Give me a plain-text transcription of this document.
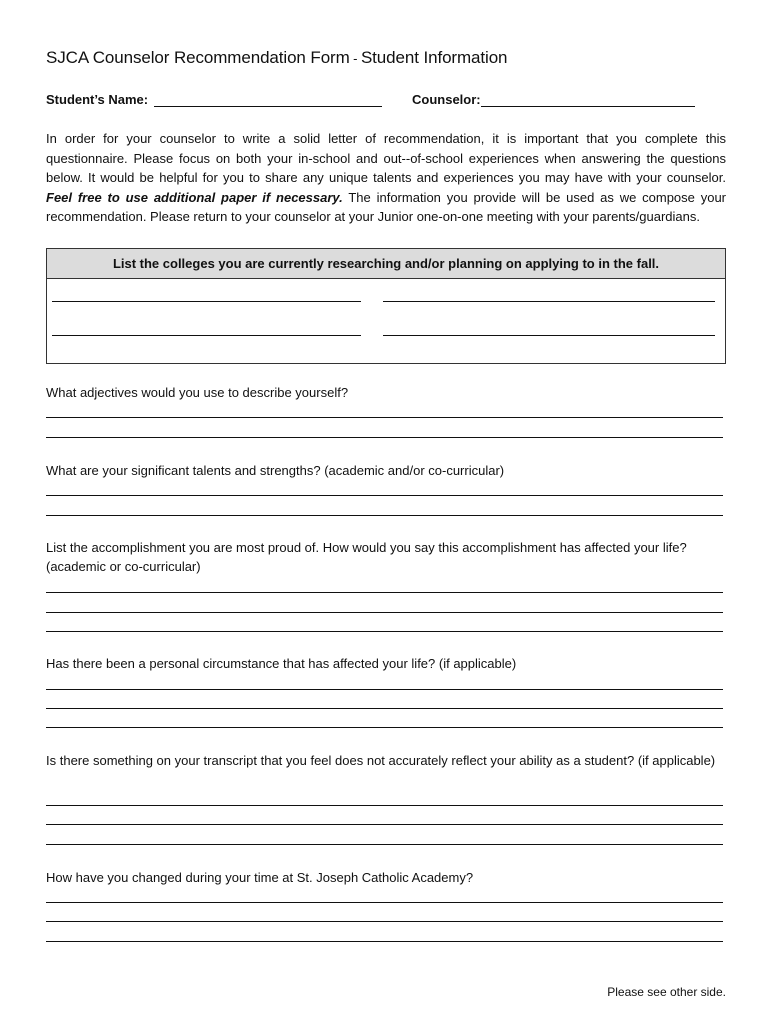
SJCA Counselor Recommendation Form - Student Information
Student’s Name:	Counselor:
In order for your counselor to write a solid letter of recommendation, it is important that you complete this questionnaire. Please focus on both your in-school and out--of-school experiences when answering the questions below. It would be helpful for you to share any unique talents and experiences you may have with your counselor. Feel free to use additional paper if necessary. The information you provide will be used as we compose your recommendation. Please return to your counselor at your Junior one-on-one meeting with your parents/guardians.
List the colleges you are currently researching and/or planning on applying to in the fall.
What adjectives would you use to describe yourself?
What are your significant talents and strengths? (academic and/or co-curricular)
List the accomplishment you are most proud of. How would you say this accomplishment has affected your life? (academic or co-curricular)
Has there been a personal circumstance that has affected your life? (if applicable)
Is there something on your transcript that you feel does not accurately reflect your ability as a student? (if applicable)
How have you changed during your time at St. Joseph Catholic Academy?
Please see other side.
